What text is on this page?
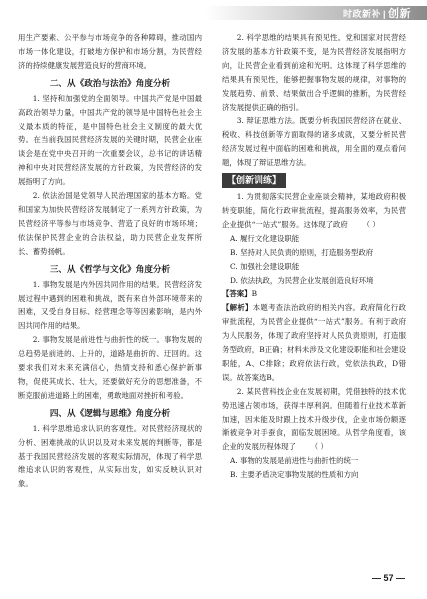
时政新补 | 创新

用生产要素、公平参与市场竞争的各种障碍，推动国内市场一体化建设，打破地方保护和市场分割，为民营经济的持续健康发展营造良好的营商环境。

二、从《政治与法治》角度分析

1. 坚持和加强党的全面领导。中国共产党是中国最高政治领导力量，中国共产党的领导是中国特色社会主义最本质的特征，是中国特色社会主义制度的最大优势。在当前我国民营经济发展的关键时期，民营企业座谈会是在党中央召开的一次重要会议，总书记的讲话精神和中央对民营经济发展的方针政策，为民营经济的发展指明了方向。

2. 依法治国是党领导人民治理国家的基本方略。党和国家为加快民营经济发展制定了一系列方针政策，为民营经济平等参与市场竞争、营造了良好的市场环境；依法保护民营企业的合法权益，助力民营企业发挥所长、蓄势扬帆。

三、从《哲学与文化》角度分析

1. 事物发展是内外因共同作用的结果。民营经济发展过程中遇到的困难和挑战，既有来自外部环境带来的困难，又受自身目标、经营理念等等因素影响，是内外因共同作用的结果。

2. 事物发展是前进性与曲折性的统一。事物发展的总趋势是前进的、上升的，道路是曲折的、迂回的。这要求我们对未来充满信心，热情支持和悉心保护新事物，促使其成长、壮大，还要做好充分的思想准备，不断克服前进道路上的困难，勇敢地面对挫折和考验。

四、从《逻辑与思维》角度分析

1. 科学思维追求认识的客观性。对民营经济现状的分析、困难挑战的认识以及对未来发展的判断等，都是基于我国民营经济发展的客观实际情况，体现了科学思维追求认识的客观性，从实际出发，如实反映认识对象。

2. 科学思维的结果具有预见性。党和国家对民营经济发展的基本方针政策不变，是为民营经济发展指明方向，让民营企业看到前途和光明。这体现了科学思维的结果具有预见性，能够把握事物发展的规律，对事物的发展趋势、前景、结果做出合乎逻辑的推断，为民营经济发展提供正确的指引。

3. 辩证思维方法。既要分析我国民营经济在就业、税收、科技创新等方面取得的诸多成就，又要分析民营经济发展过程中面临的困难和挑战，用全面的观点看问题，体现了辩证思维方法。

【创新训练】

1. 为贯彻落实民营企业座谈会精神，某地政府积极转变职能，简化行政审批流程，提高服务效率，为民营企业提供“一站式”服务。这体现了政府 （ ）

A. 履行文化建设职能

B. 坚持对人民负责的原则，打造服务型政府

C. 加强社会建设职能

D. 依法执政，为民营企业发展创造良好环境

【答案】B

【解析】本题考查法治政府的相关内容。政府简化行政审批流程，为民营企业提供“一站式”服务。有利于政府为人民服务，体现了政府坚持对人民负责原则，打造服务型政府，B正确；材料未涉及文化建设职能和社会建设职能，A、C排除；政府依法行政，党依法执政，D错误。故答案选B。

2. 某民营科技企业在发展初期，凭借独特的技术优势迅速占领市场，获得丰厚利润。但随着行业技术革新加速，因未能及时跟上技术升级步伐，企业市场份额逐渐被竞争对手蚕食，面临发展困境。从哲学角度看，该企业的发展历程体现了 （ ）

A. 事物的发展是前进性与曲折性的统一

B. 主要矛盾决定事物发展的性质和方向

— 57 —
